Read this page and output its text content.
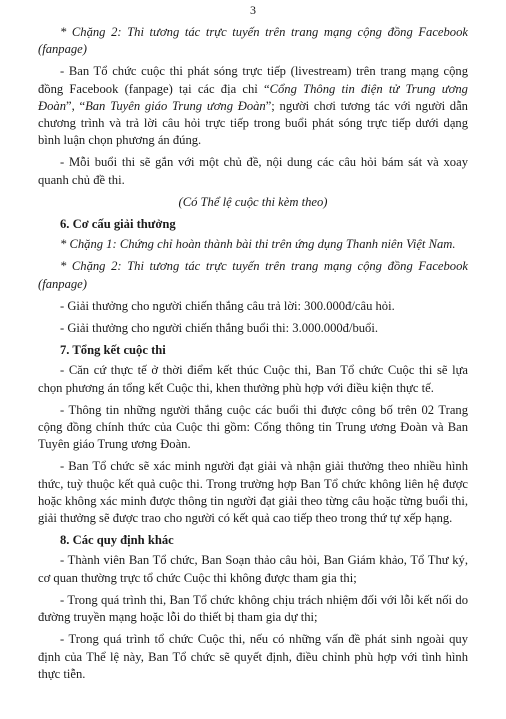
3

* Chặng 2: Thi tương tác trực tuyến trên trang mạng cộng đồng Facebook (fanpage)

- Ban Tổ chức cuộc thi phát sóng trực tiếp (livestream) trên trang mạng cộng đồng Facebook (fanpage) tại các địa chỉ “Cổng Thông tin điện tử Trung ương Đoàn”, “Ban Tuyên giáo Trung ương Đoàn”; người chơi tương tác với người dẫn chương trình và trả lời câu hỏi trực tiếp trong buổi phát sóng trực tiếp dưới dạng bình luận chọn phương án đúng.

- Mỗi buổi thi sẽ gắn với một chủ đề, nội dung các câu hỏi bám sát và xoay quanh chủ đề thi.

(Có Thể lệ cuộc thi kèm theo)

6. Cơ cấu giải thưởng

* Chặng 1: Chứng chỉ hoàn thành bài thi trên ứng dụng Thanh niên Việt Nam.

* Chặng 2: Thi tương tác trực tuyến trên trang mạng cộng đồng Facebook (fanpage)

- Giải thưởng cho người chiến thắng câu trả lời: 300.000đ/câu hỏi.

- Giải thưởng cho người chiến thắng buổi thi: 3.000.000đ/buổi.

7. Tổng kết cuộc thi

- Căn cứ thực tế ở thời điểm kết thúc Cuộc thi, Ban Tổ chức Cuộc thi sẽ lựa chọn phương án tổng kết Cuộc thi, khen thưởng phù hợp với điều kiện thực tế.

- Thông tin những người thắng cuộc các buổi thi được công bố trên 02 Trang cộng đồng chính thức của Cuộc thi gồm: Cổng thông tin Trung ương Đoàn và Ban Tuyên giáo Trung ương Đoàn.

- Ban Tổ chức sẽ xác minh người đạt giải và nhận giải thưởng theo nhiều hình thức, tuỳ thuộc kết quả cuộc thi. Trong trường hợp Ban Tổ chức không liên hệ được hoặc không xác minh được thông tin người đạt giải theo từng câu hoặc từng buổi thi, giải thưởng sẽ được trao cho người có kết quả cao tiếp theo trong thứ tự xếp hạng.

8. Các quy định khác

- Thành viên Ban Tổ chức, Ban Soạn thảo câu hỏi, Ban Giám khảo, Tổ Thư ký, cơ quan thường trực tổ chức Cuộc thi không được tham gia thi;

- Trong quá trình thi, Ban Tổ chức không chịu trách nhiệm đối với lỗi kết nối do đường truyền mạng hoặc lỗi do thiết bị tham gia dự thi;

- Trong quá trình tổ chức Cuộc thi, nếu có những vấn đề phát sinh ngoài quy định của Thể lệ này, Ban Tổ chức sẽ quyết định, điều chỉnh phù hợp với tình hình thực tiễn.
